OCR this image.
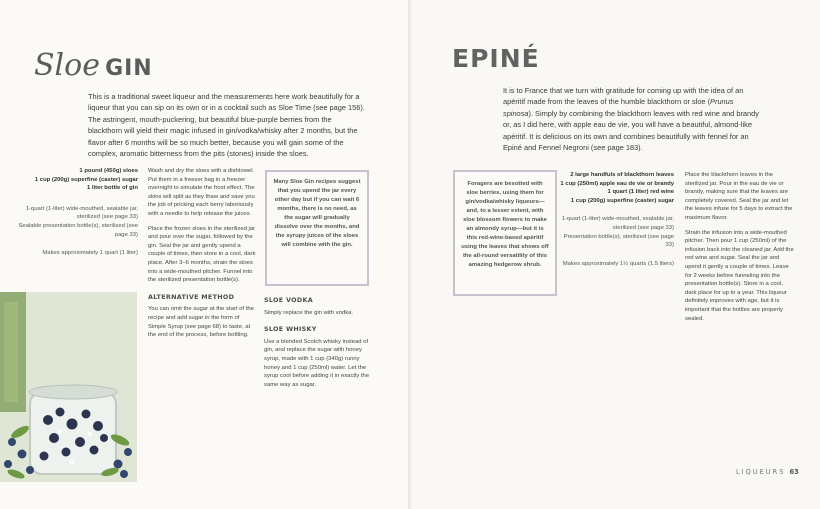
Sloe GIN
This is a traditional sweet liqueur and the measurements here work beautifully for a liqueur that you can sip on its own or in a cocktail such as Sloe Time (see page 156). The astringent, mouth-puckering, but beautiful blue-purple berries from the blackthorn will yield their magic infused in gin/vodka/whisky after 2 months, but the flavor after 6 months will be so much better, because you will gain some of the complex, aromatic bitterness from the pits (stones) inside the sloes.
1 pound (450g) sloes
1 cup (200g) superfine (caster) sugar
1 liter bottle of gin
1-quart (1-liter) wide-mouthed, sealable jar, sterilized (see page 33)
Sealable presentation bottle(s), sterilized (see page 33)
Makes approximately 1 quart (1 liter)

Wash and dry the sloes with a dishtowel. Put them in a freezer bag in a freezer overnight to simulate the frost effect. The skins will split as they thaw and save you the job of pricking each berry laboriously with a needle to help release the juices.

Place the frozen sloes in the sterilized jar and pour over the sugar, followed by the gin. Seal the jar and gently upend a couple of times, then store in a cool, dark place. After 3–6 months, strain the sloes into a wide-mouthed pitcher. Funnel into the sterilized presentation bottle(s).

ALTERNATIVE METHOD
You can omit the sugar at the start of the recipe and add sugar in the form of Simple Syrup (see page 68) to taste, at the end of the process, before bottling.
Many Sloe Gin recipes suggest that you upend the jar every other day but if you can wait 6 months, there is no need, as the sugar will gradually dissolve over the months, and the syrupy juices of the sloes will combine with the gin.
SLOE VODKA
Simply replace the gin with vodka.
SLOE WHISKY
Use a blended Scotch whisky instead of gin, and replace the sugar with honey syrup, made with 1 cup (340g) runny honey and 1 cup (250ml) water. Let the syrup cool before adding it in exactly the same way as sugar.
EPINÉ
It is to France that we turn with gratitude for coming up with the idea of an apéritif made from the leaves of the humble blackthorn or sloe (Prunus spinosa). Simply by combining the blackthorn leaves with red wine and brandy or, as I did here, with apple eau de vie, you will have a beautiful, almond-like apéritif. It is delicious on its own and combines beautifully with fennel for an Epiné and Fennel Negroni (see page 183).
Foragers are besotted with sloe berries, using them for gin/vodka/whisky liqueurs—and, to a lesser extent, with sloe blossom flowers to make an almondy syrup—but it is this red-wine-based apéritif using the leaves that shows off the all-round versatility of this amazing hedgerow shrub.
2 large handfuls of blackthorn leaves
1 cup (250ml) apple eau de vie or brandy
1 quart (1 liter) red wine
1 cup (200g) superfine (caster) sugar
1-quart (1-liter) wide-mouthed, sealable jar, sterilized (see page 33)
Presentation bottle(s), sterilized (see page 33)
Makes approximately 1½ quarts (1.5 liters)

Place the blackthorn leaves in the sterilized jar. Pour in the eau de vie or brandy, making sure that the leaves are completely covered. Seal the jar and let the leaves infuse for 5 days to extract the maximum flavor.

Strain the infusion into a wide-mouthed pitcher. Then pour 1 cup (250ml) of the infusion back into the cleaned jar. Add the red wine and sugar. Seal the jar and upend it gently a couple of times. Leave for 2 weeks before funneling into the presentation bottle(s). Store in a cool, dark place for up to a year. This liqueur definitely improves with age, but it is important that the bottles are properly sealed.

LIQUEURS 63
